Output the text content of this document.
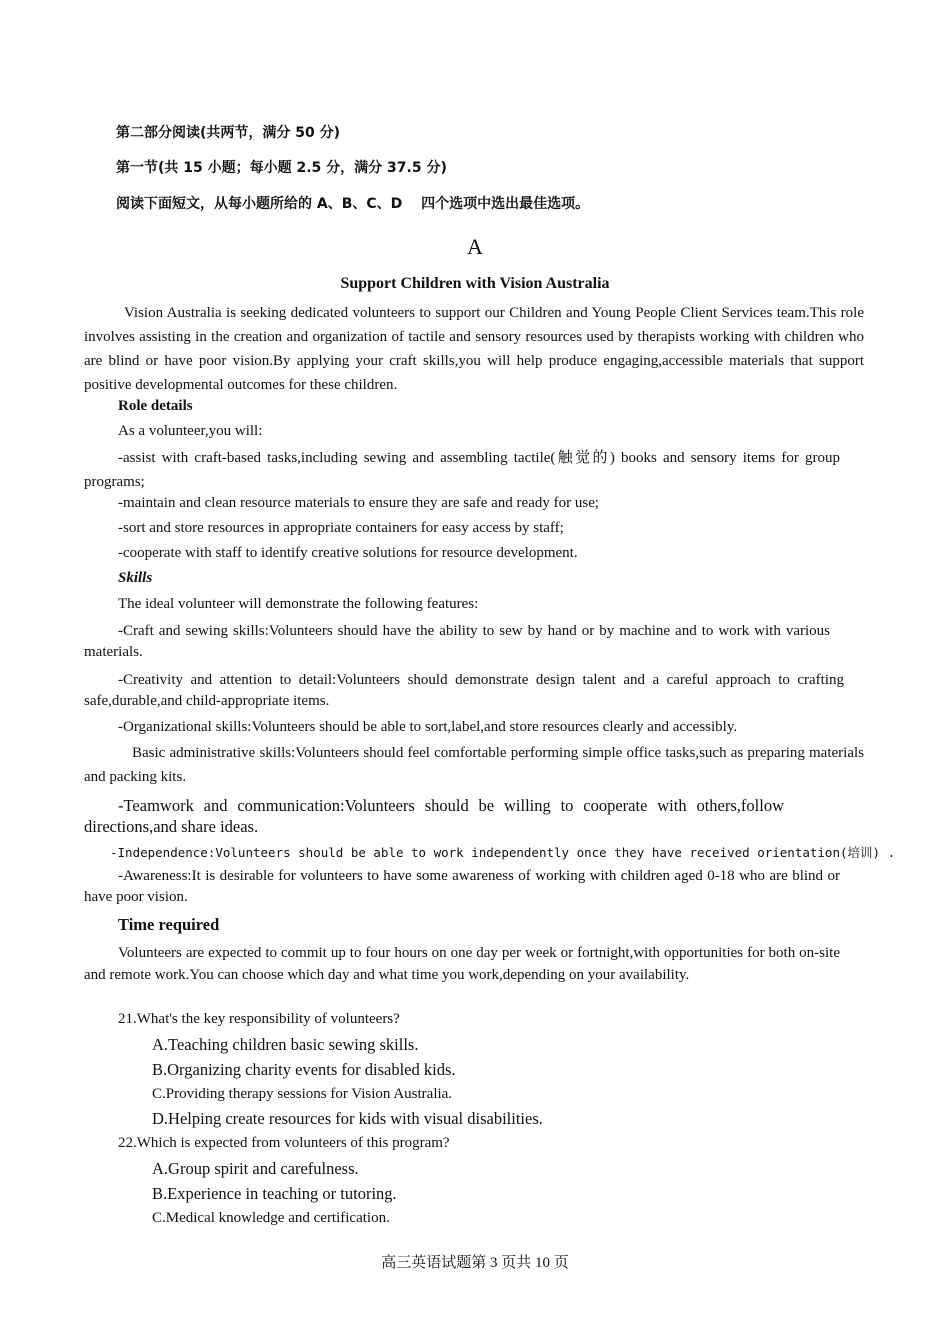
第二部分阅读(共两节，满分 50 分)
第一节(共 15 小题；每小题 2.5 分，满分 37.5 分)
阅读下面短文，从每小题所给的 A、B、C、D　 四个选项中选出最佳选项。
A
Support Children with Vision Australia
Vision Australia is seeking dedicated volunteers to support our Children and Young People Client Services team.This role involves assisting in the creation and organization of tactile and sensory resources used by therapists working with children who are blind or have poor vision.By applying your craft skills,you will help produce engaging,accessible materials that support positive developmental outcomes for these children.
Role details
As a volunteer,you will:
-assist with craft-based tasks,including sewing and assembling tactile(触觉的) books and sensory items for group programs;
-maintain and clean resource materials to ensure they are safe and ready for use;
-sort and store resources in appropriate containers for easy access by staff;
-cooperate with staff to identify creative solutions for resource development.
Skills
The ideal volunteer will demonstrate the following features:
-Craft and sewing skills:Volunteers should have the ability to sew by hand or by machine and to work with various materials.
-Creativity and attention to detail:Volunteers should demonstrate design talent and a careful approach to crafting safe,durable,and child-appropriate items.
-Organizational skills:Volunteers should be able to sort,label,and store resources clearly and accessibly.
Basic administrative skills:Volunteers should feel comfortable performing simple office tasks,such as preparing materials and packing kits.
-Teamwork and communication:Volunteers should be willing to cooperate with others,follow directions,and share ideas.
-Independence:Volunteers should be able to work independently once they have received orientation(培训) .
-Awareness:It is desirable for volunteers to have some awareness of working with children aged 0-18 who are blind or have poor vision.
Time required
Volunteers are expected to commit up to four hours on one day per week or fortnight,with opportunities for both on-site and remote work.You can choose which day and what time you work,depending on your availability.
21.What's the key responsibility of volunteers?
A.Teaching children basic sewing skills.
B.Organizing charity events for disabled kids.
C.Providing therapy sessions for Vision Australia.
D.Helping create resources for kids with visual disabilities.
22.Which is expected from volunteers of this program?
A.Group spirit and carefulness.
B.Experience in teaching or tutoring.
C.Medical knowledge and certification.
高三英语试题第 3 页共 10 页
